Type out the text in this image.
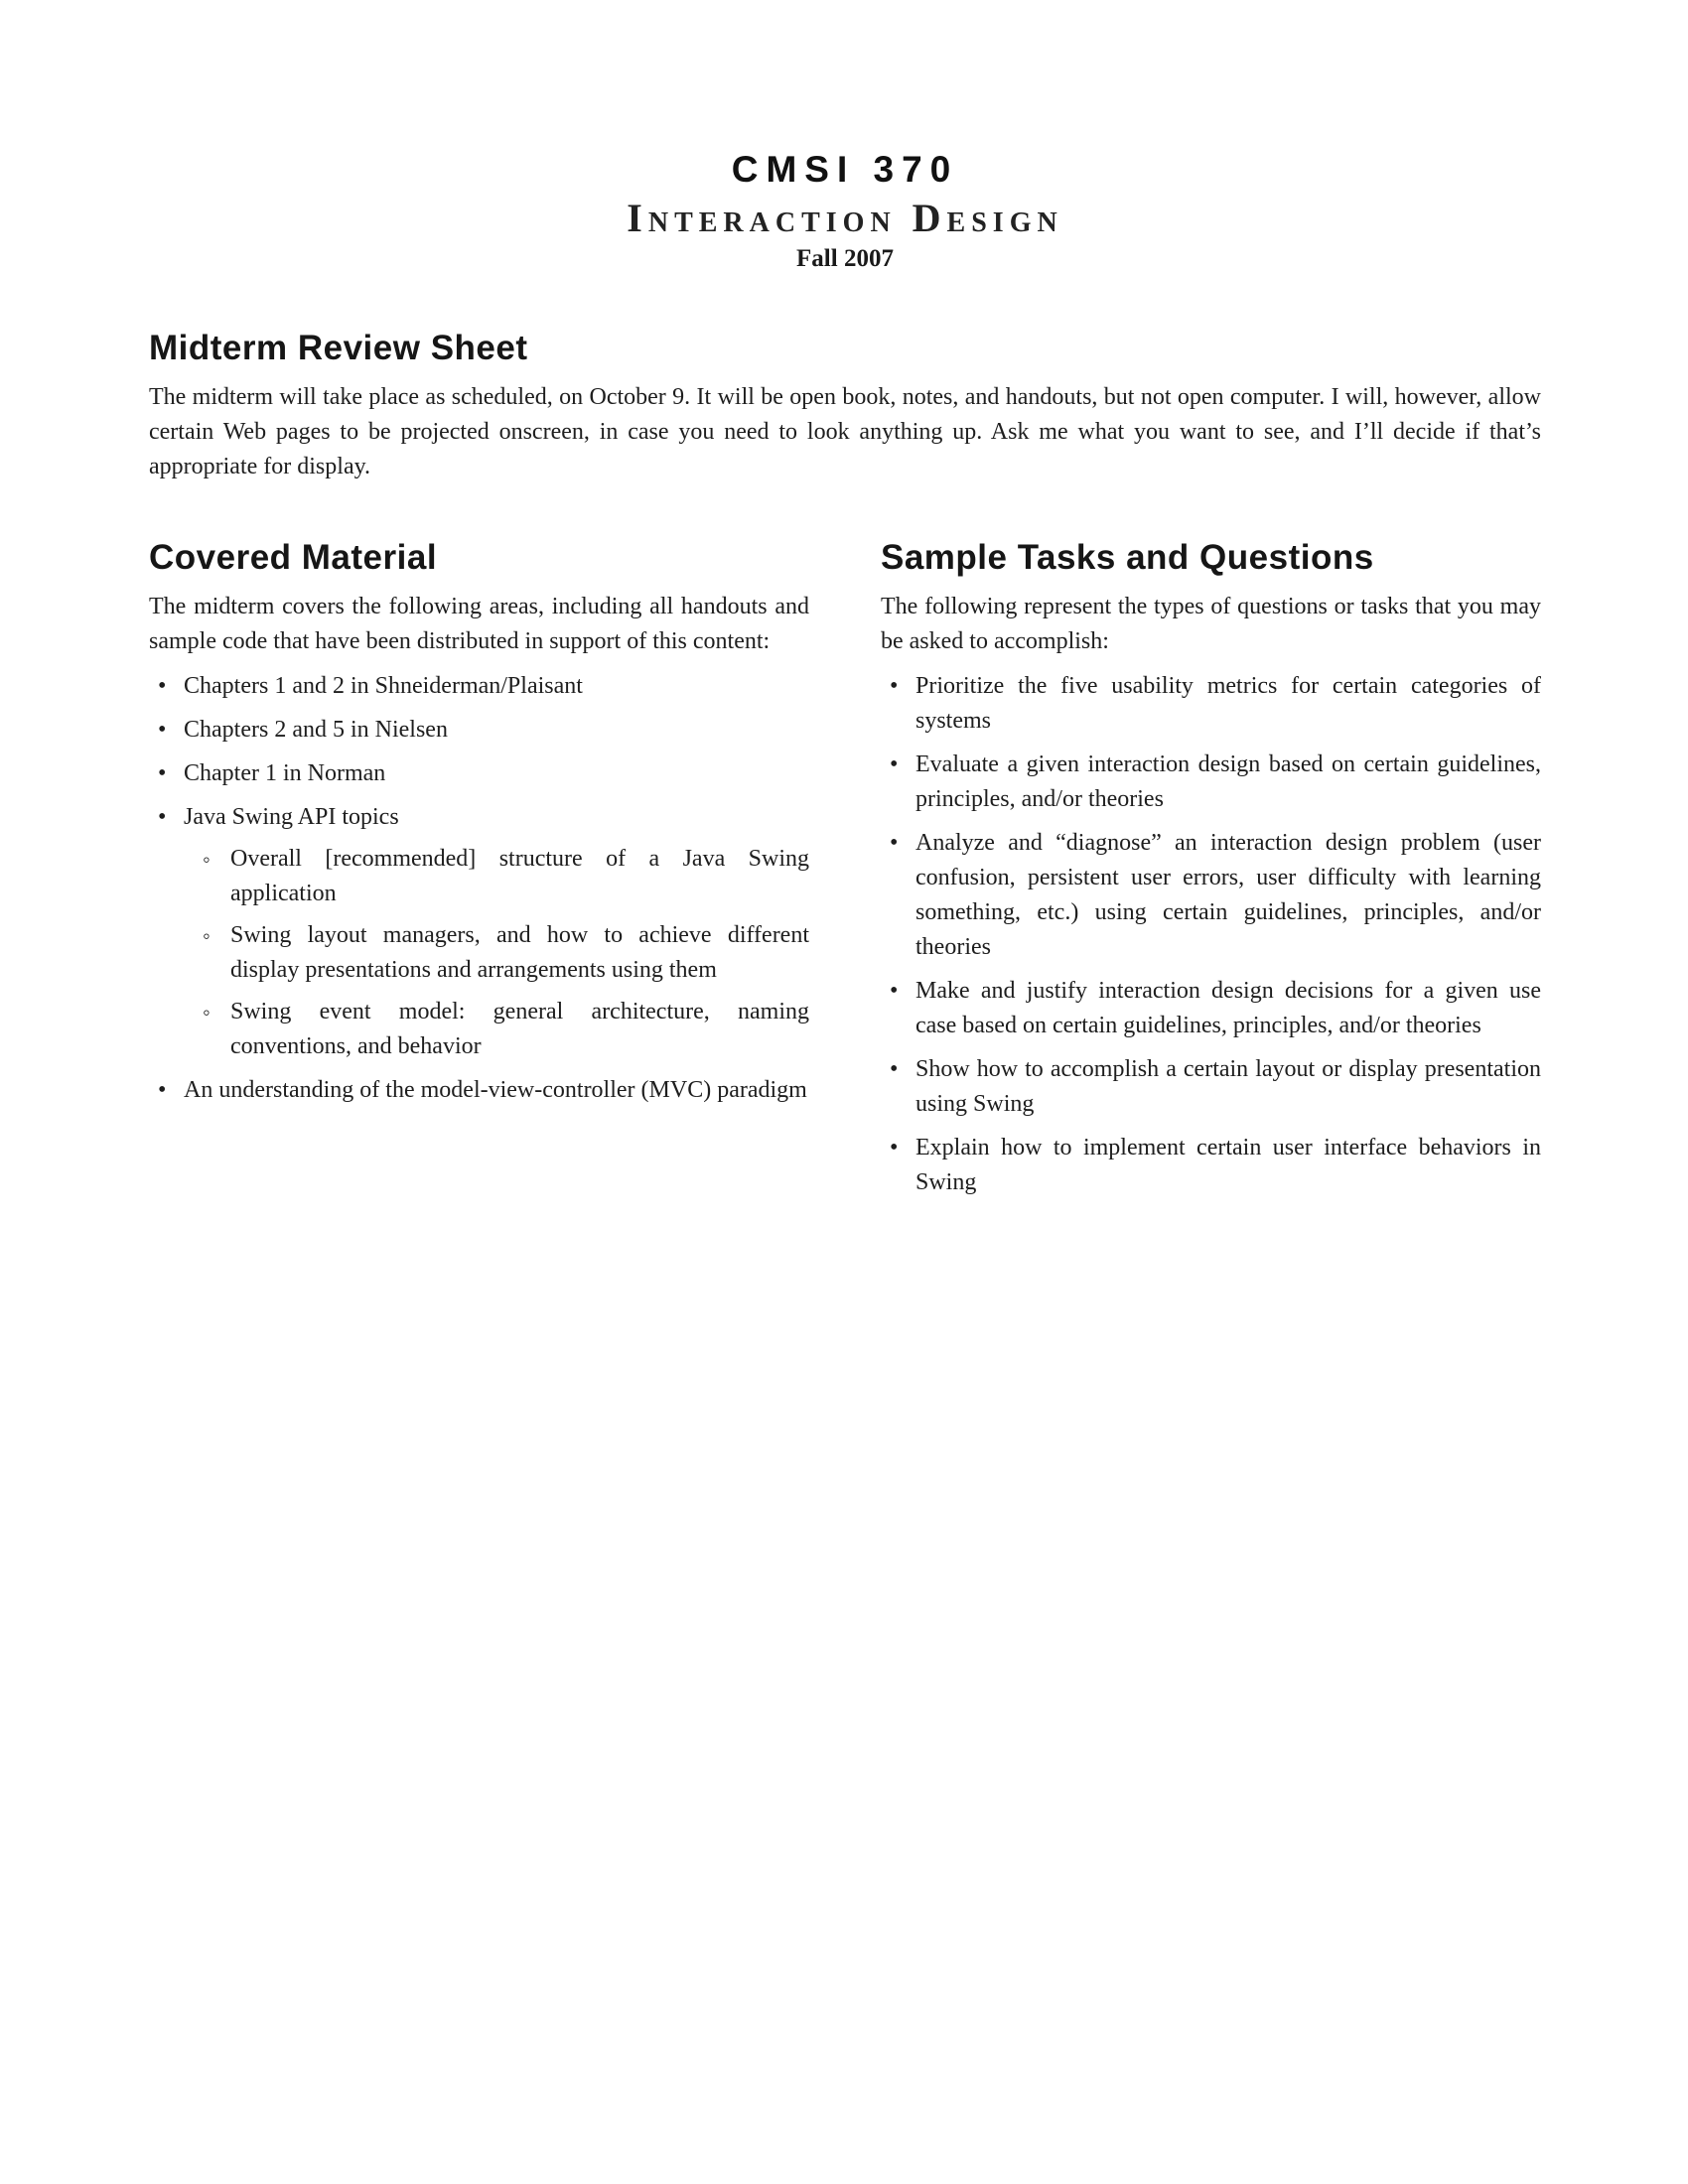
CMSI 370
Interaction Design
Fall 2007
Midterm Review Sheet

The midterm will take place as scheduled, on October 9. It will be open book, notes, and handouts, but not open computer. I will, however, allow certain Web pages to be projected onscreen, in case you need to look anything up. Ask me what you want to see, and I’ll decide if that’s appropriate for display.

Covered Material

The midterm covers the following areas, including all handouts and sample code that have been distributed in support of this content:

• Chapters 1 and 2 in Shneiderman/Plaisant
• Chapters 2 and 5 in Nielsen
• Chapter 1 in Norman
• Java Swing API topics
◦ Overall [recommended] structure of a Java Swing application
◦ Swing layout managers, and how to achieve different display presentations and arrangements using them
◦ Swing event model: general architecture, naming conventions, and behavior
• An understanding of the model-view-controller (MVC) paradigm
Sample Tasks and Questions

The following represent the types of questions or tasks that you may be asked to accomplish:

• Prioritize the five usability metrics for certain categories of systems
• Evaluate a given interaction design based on certain guidelines, principles, and/or theories
• Analyze and “diagnose” an interaction design problem (user confusion, persistent user errors, user difficulty with learning something, etc.) using certain guidelines, principles, and/or theories
• Make and justify interaction design decisions for a given use case based on certain guidelines, principles, and/or theories
• Show how to accomplish a certain layout or display presentation using Swing
• Explain how to implement certain user interface behaviors in Swing
